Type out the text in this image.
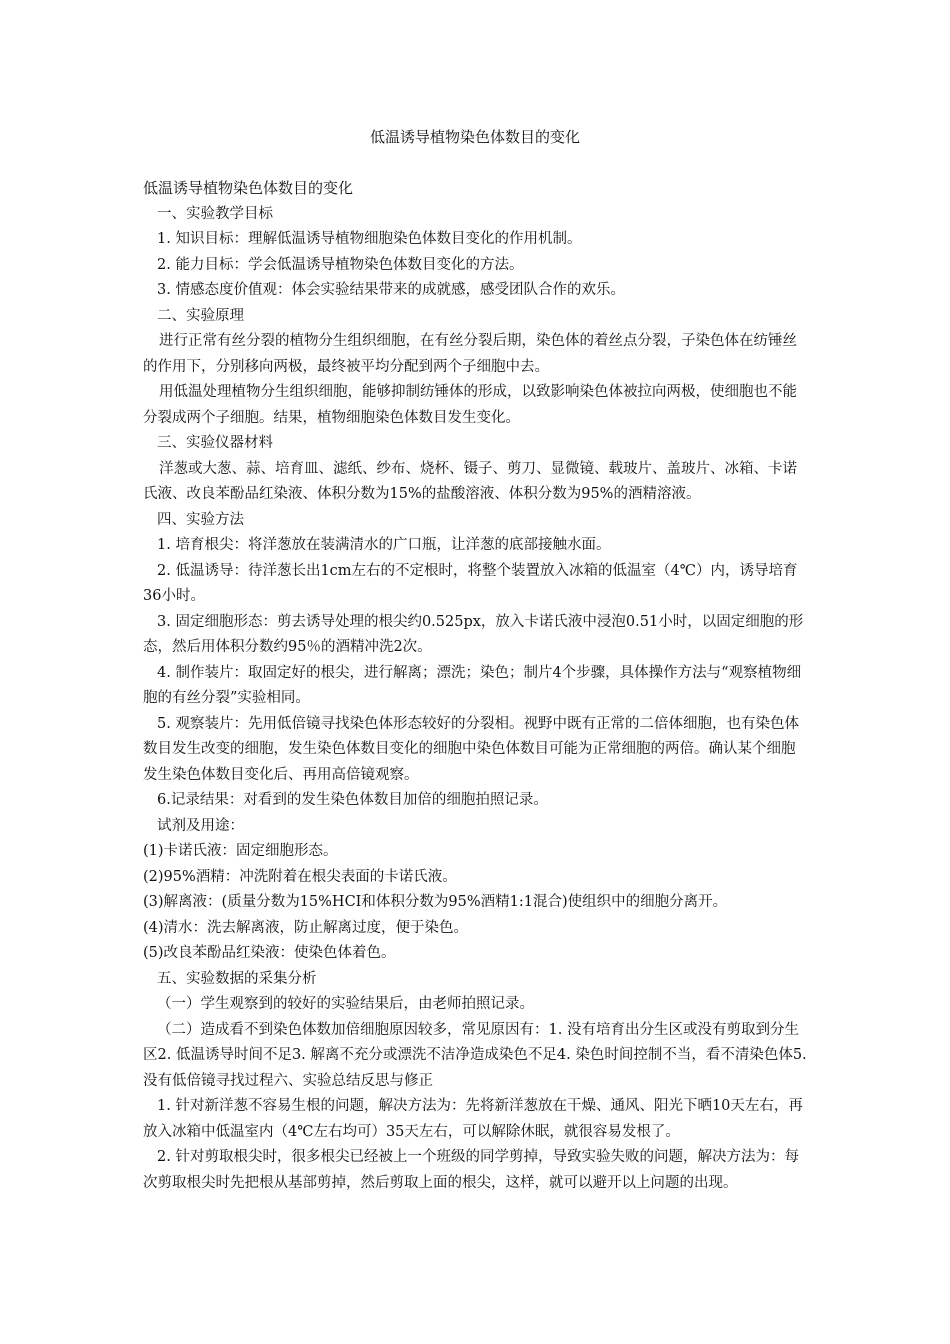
低温诱导植物染色体数目的变化

低温诱导植物染色体数目的变化

一、实验教学目标

1. 知识目标：理解低温诱导植物细胞染色体数目变化的作用机制。

2. 能力目标：学会低温诱导植物染色体数目变化的方法。

3. 情感态度价值观：体会实验结果带来的成就感，感受团队合作的欢乐。

二、实验原理

进行正常有丝分裂的植物分生组织细胞，在有丝分裂后期，染色体的着丝点分裂，子染色体在纺锤丝的作用下，分别移向两极，最终被平均分配到两个子细胞中去。

用低温处理植物分生组织细胞，能够抑制纺锤体的形成，以致影响染色体被拉向两极，使细胞也不能分裂成两个子细胞。结果，植物细胞染色体数目发生变化。

三、实验仪器材料

洋葱或大葱、蒜、培育皿、滤纸、纱布、烧杯、镊子、剪刀、显微镜、载玻片、盖玻片、冰箱、卡诺氏液、改良苯酚品红染液、体积分数为15%的盐酸溶液、体积分数为95%的酒精溶液。

四、实验方法

1. 培育根尖：将洋葱放在装满清水的广口瓶，让洋葱的底部接触水面。

2. 低温诱导：待洋葱长出1cm左右的不定根时，将整个装置放入冰箱的低温室（4℃）内，诱导培育36小时。

3. 固定细胞形态：剪去诱导处理的根尖约0.525px，放入卡诺氏液中浸泡0.51小时，以固定细胞的形态，然后用体积分数约95％的酒精冲洗2次。

4. 制作装片：取固定好的根尖，进行解离；漂洗；染色；制片4个步骤，具体操作方法与“观察植物细胞的有丝分裂”实验相同。

5. 观察装片：先用低倍镜寻找染色体形态较好的分裂相。视野中既有正常的二倍体细胞，也有染色体数目发生改变的细胞，发生染色体数目变化的细胞中染色体数目可能为正常细胞的两倍。确认某个细胞发生染色体数目变化后、再用高倍镜观察。

6.记录结果：对看到的发生染色体数目加倍的细胞拍照记录。

试剂及用途：

(1)卡诺氏液：固定细胞形态。

(2)95%酒精：冲洗附着在根尖表面的卡诺氏液。

(3)解离液：(质量分数为15%HCI和体积分数为95%酒精1:1混合)使组织中的细胞分离开。

(4)清水：洗去解离液，防止解离过度，便于染色。

(5)改良苯酚品红染液：使染色体着色。

五、实验数据的采集分析

（一）学生观察到的较好的实验结果后，由老师拍照记录。

（二）造成看不到染色体数加倍细胞原因较多，常见原因有：1. 没有培育出分生区或没有剪取到分生区2. 低温诱导时间不足3. 解离不充分或漂洗不洁净造成染色不足4. 染色时间控制不当，看不清染色体5. 没有低倍镜寻找过程六、实验总结反思与修正

1. 针对新洋葱不容易生根的问题，解决方法为：先将新洋葱放在干燥、通风、阳光下晒10天左右，再放入冰箱中低温室内（4℃左右均可）35天左右，可以解除休眠，就很容易发根了。

2. 针对剪取根尖时，很多根尖已经被上一个班级的同学剪掉，导致实验失败的问题，解决方法为：每次剪取根尖时先把根从基部剪掉，然后剪取上面的根尖，这样，就可以避开以上问题的出现。
